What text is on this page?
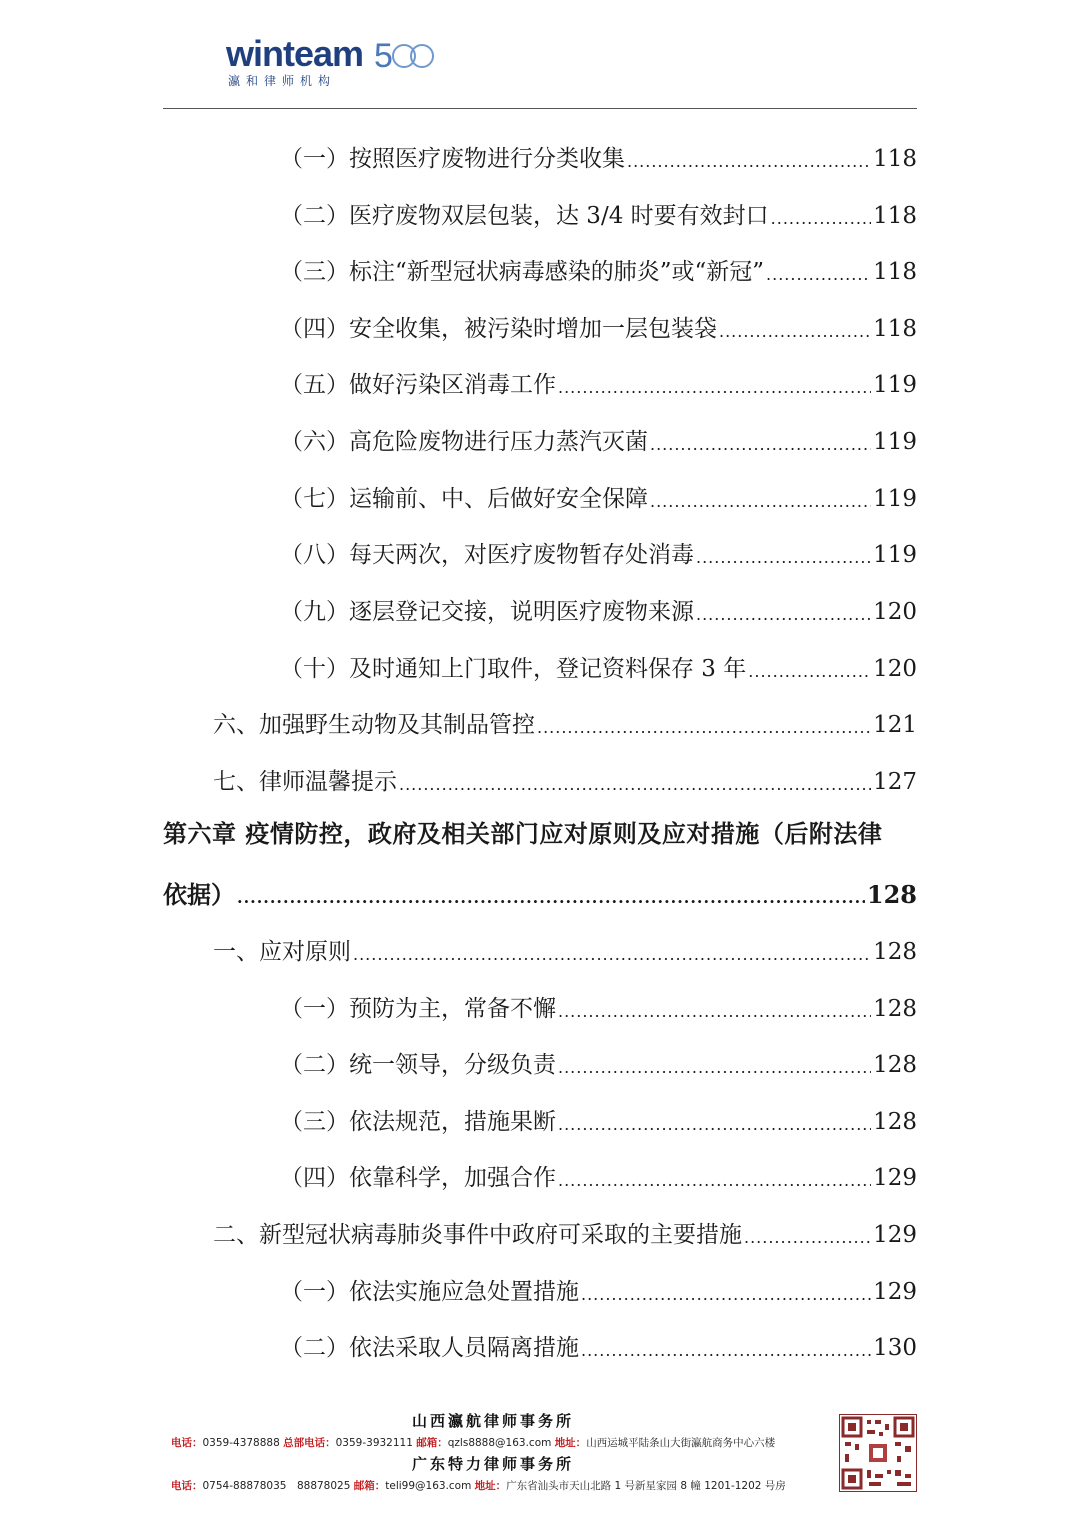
winteam 5
瀛和律师机构
（一）按照医疗废物进行分类收集 .....	118
（二）医疗废物双层包装，达 3/4 时要有效封口 .....	118
（三）标注“新型冠状病毒感染的肺炎”或“新冠” .....	118
（四）安全收集，被污染时增加一层包装袋 .....	118
（五）做好污染区消毒工作 .....	119
（六）高危险废物进行压力蒸汽灭菌 .....	119
（七）运输前、中、后做好安全保障 .....	119
（八）每天两次，对医疗废物暂存处消毒 .....	119
（九）逐层登记交接，说明医疗废物来源 .....	120
（十）及时通知上门取件，登记资料保存 3 年 .....	120
六、加强野生动物及其制品管控 .....	121
七、律师温馨提示 .....	127
第六章 疫情防控，政府及相关部门应对原则及应对措施（后附法律
依据） .....	128
一、应对原则 .....	128
（一）预防为主，常备不懈 .....	128
（二）统一领导，分级负责 .....	128
（三）依法规范，措施果断 .....	128
（四）依靠科学，加强合作 .....	129
二、新型冠状病毒肺炎事件中政府可采取的主要措施 .....	129
（一）依法实施应急处置措施 .....	129
（二）依法采取人员隔离措施 .....	130
山西瀛航律师事务所
电话：0359-4378888 总部电话：0359-3932111 邮箱：qzls8888@163.com 地址：山西运城平陆条山大街瀛航商务中心六楼
广东特力律师事务所
电话：0754-88878035　88878025 邮箱：teli99@163.com 地址：广东省汕头市天山北路 1 号新星家园 8 幢 1201-1202 号房
